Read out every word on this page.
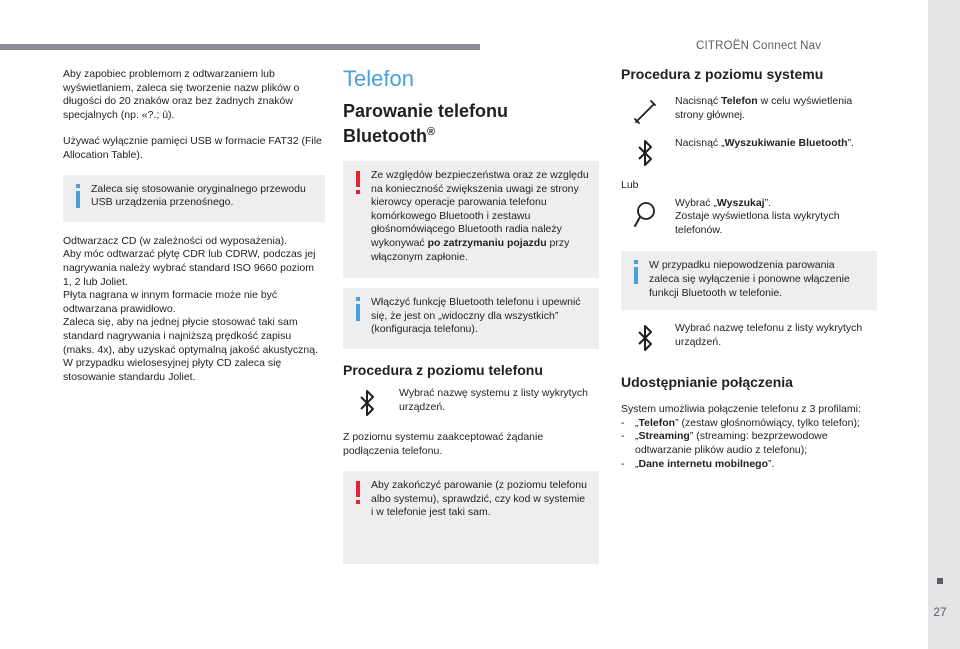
CITROËN Connect Nav
27

Aby zapobiec problemom z odtwarzaniem lub wyświetlaniem, zaleca się tworzenie nazw plików o długości do 20 znaków oraz bez żadnych znaków specjalnych (np. «?.; ù).

Używać wyłącznie pamięci USB w formacie FAT32 (File Allocation Table).

Zaleca się stosowanie oryginalnego przewodu USB urządzenia przenośnego.

Odtwarzacz CD (w zależności od wyposażenia).

Aby móc odtwarzać płytę CDR lub CDRW, podczas jej nagrywania należy wybrać standard ISO 9660 poziom 1, 2 lub Joliet.

Płyta nagrana w innym formacie może nie być odtwarzana prawidłowo.

Zaleca się, aby na jednej płycie stosować taki sam standard nagrywania i najniższą prędkość zapisu (maks. 4x), aby uzyskać optymalną jakość akustyczną.

W przypadku wielosesyjnej płyty CD zaleca się stosowanie standardu Joliet.

Telefon
Parowanie telefonu Bluetooth®

Ze względów bezpieczeństwa oraz ze względu na konieczność zwiększenia uwagi ze strony kierowcy operacje parowania telefonu komórkowego Bluetooth i zestawu głośnomówiącego Bluetooth radia należy wykonywać po zatrzymaniu pojazdu przy włączonym zapłonie.

Włączyć funkcję Bluetooth telefonu i upewnić się, że jest on „widoczny dla wszystkich” (konfiguracja telefonu).

Procedura z poziomu telefonu

Wybrać nazwę systemu z listy wykrytych urządzeń.

Z poziomu systemu zaakceptować żądanie podłączenia telefonu.

Aby zakończyć parowanie (z poziomu telefonu albo systemu), sprawdzić, czy kod w systemie i w telefonie jest taki sam.

Procedura z poziomu systemu

Nacisnąć Telefon w celu wyświetlenia strony głównej.

Nacisnąć „Wyszukiwanie Bluetooth”.

Lub

Wybrać „Wyszukaj”.

Zostaje wyświetlona lista wykrytych telefonów.

W przypadku niepowodzenia parowania zaleca się wyłączenie i ponowne włączenie funkcji Bluetooth w telefonie.

Wybrać nazwę telefonu z listy wykrytych urządzeń.

Udostępnianie połączenia

System umożliwia połączenie telefonu z 3 profilami:

-	„Telefon” (zestaw głośnomówiący, tylko telefon);
-	„Streaming” (streaming: bezprzewodowe odtwarzanie plików audio z telefonu);
-	„Dane internetu mobilnego”.
